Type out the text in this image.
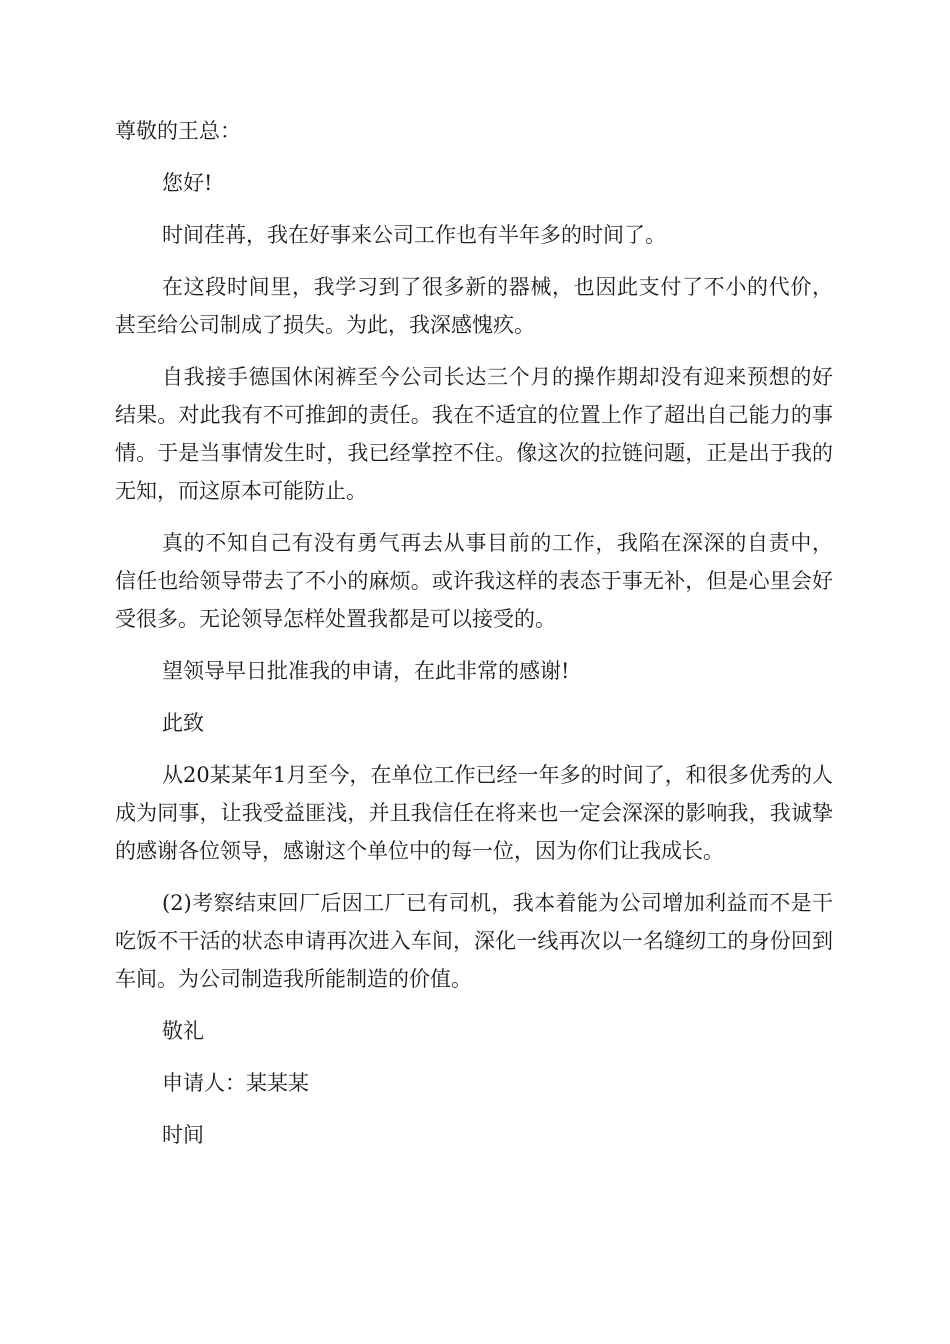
尊敬的王总：

您好!

时间荏苒，我在好事来公司工作也有半年多的时间了。

在这段时间里，我学习到了很多新的器械，也因此支付了不小的代价，甚至给公司制成了损失。为此，我深感愧疚。

自我接手德国休闲裤至今公司长达三个月的操作期却没有迎来预想的好结果。对此我有不可推卸的责任。我在不适宜的位置上作了超出自己能力的事情。于是当事情发生时，我已经掌控不住。像这次的拉链问题，正是出于我的无知，而这原本可能防止。

真的不知自己有没有勇气再去从事目前的工作，我陷在深深的自责中，信任也给领导带去了不小的麻烦。或许我这样的表态于事无补，但是心里会好受很多。无论领导怎样处置我都是可以接受的。

望领导早日批准我的申请，在此非常的感谢!

此致

从20某某年1月至今，在单位工作已经一年多的时间了，和很多优秀的人成为同事，让我受益匪浅，并且我信任在将来也一定会深深的影响我，我诚挚的感谢各位领导，感谢这个单位中的每一位，因为你们让我成长。

(2)考察结束回厂后因工厂已有司机，我本着能为公司增加利益而不是干吃饭不干活的状态申请再次进入车间，深化一线再次以一名缝纫工的身份回到车间。为公司制造我所能制造的价值。

敬礼

申请人：某某某

时间
